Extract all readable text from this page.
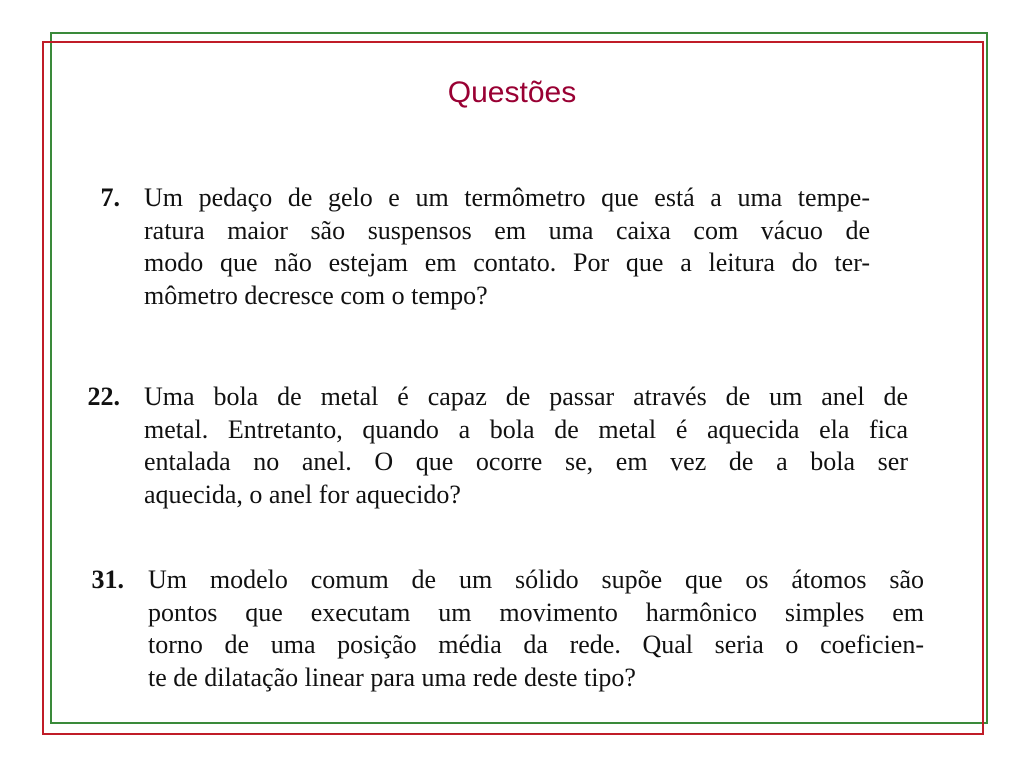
Questões
7. Um pedaço de gelo e um termômetro que está a uma tempe-
ratura maior são suspensos em uma caixa com vácuo de
modo que não estejam em contato. Por que a leitura do ter-
mômetro decresce com o tempo?
22. Uma bola de metal é capaz de passar através de um anel de
metal. Entretanto, quando a bola de metal é aquecida ela fica
entalada no anel. O que ocorre se, em vez de a bola ser
aquecida, o anel for aquecido?
31. Um modelo comum de um sólido supõe que os átomos são
pontos que executam um movimento harmônico simples em
torno de uma posição média da rede. Qual seria o coeficien-
te de dilatação linear para uma rede deste tipo?
